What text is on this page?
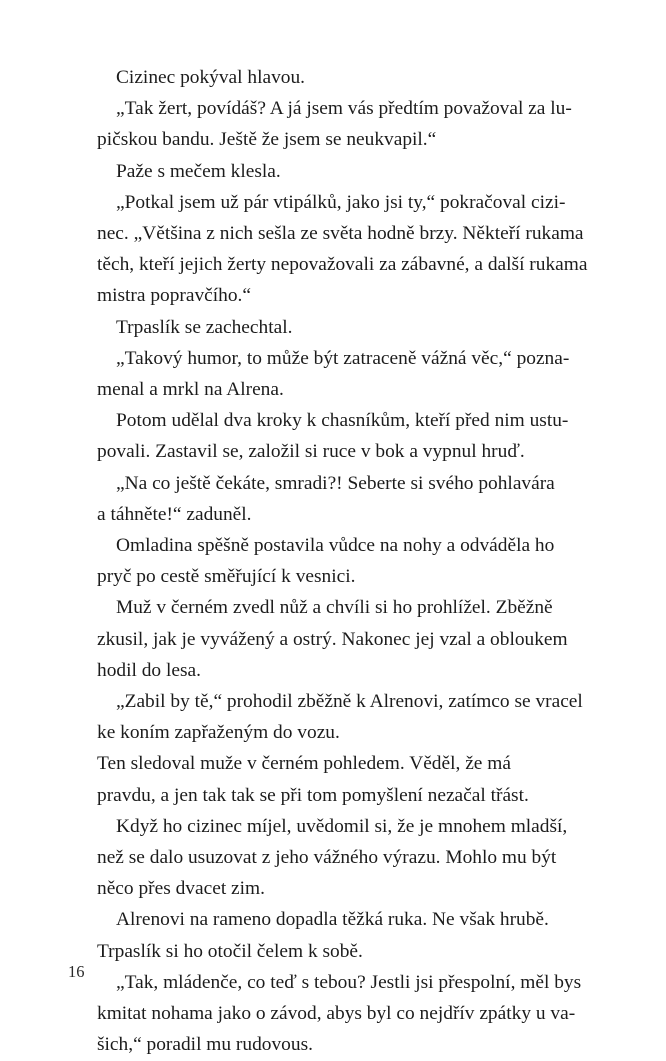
Cizinec pokýval hlavou.

„Tak žert, povídáš? A já jsem vás předtím považoval za lu-
pičskou bandu. Ještě že jsem se neukvapil.“

Paže s mečem klesla.

„Potkal jsem už pár vtipálků, jako jsi ty,“ pokračoval cizi-
nec. „Většina z nich sešla ze světa hodně brzy. Někteří rukama
těch, kteří jejich žerty nepovažovali za zábavné, a další rukama
mistra popravčího.“

Trpaslík se zachechtal.

„Takový humor, to může být zatraceně vážná věc,“ pozna-
menal a mrkl na Alrena.

Potom udělal dva kroky k chasníkům, kteří před nim ustu-
povali. Zastavil se, založil si ruce v bok a vypnul hruď.

„Na co ještě čekáte, smradi?! Seberte si svého pohlavára
a táhněte!“ zaduněl.

Omladina spěšně postavila vůdce na nohy a odváděla ho
pryč po cestě směřující k vesnici.

Muž v černém zvedl nůž a chvíli si ho prohlížel. Zběžně
zkusil, jak je vyvážený a ostrý. Nakonec jej vzal a obloukem
hodil do lesa.

„Zabil by tě,“ prohodil zběžně k Alrenovi, zatímco se vracel
ke koním zapřaženým do vozu.

Ten sledoval muže v černém pohledem. Věděl, že má
pravdu, a jen tak tak se při tom pomyšlení nezačal třást.

Když ho cizinec míjel, uvědomil si, že je mnohem mladší,
než se dalo usuzovat z jeho vážného výrazu. Mohlo mu být
něco přes dvacet zim.

Alrenovi na rameno dopadla těžká ruka. Ne však hrubě.
Trpaslík si ho otočil čelem k sobě.

„Tak, mládenče, co teď s tebou? Jestli jsi přespolní, měl bys
kmitat nohama jako o závod, abys byl co nejdřív zpátky u va-
šich,“ poradil mu rudovous.

16
